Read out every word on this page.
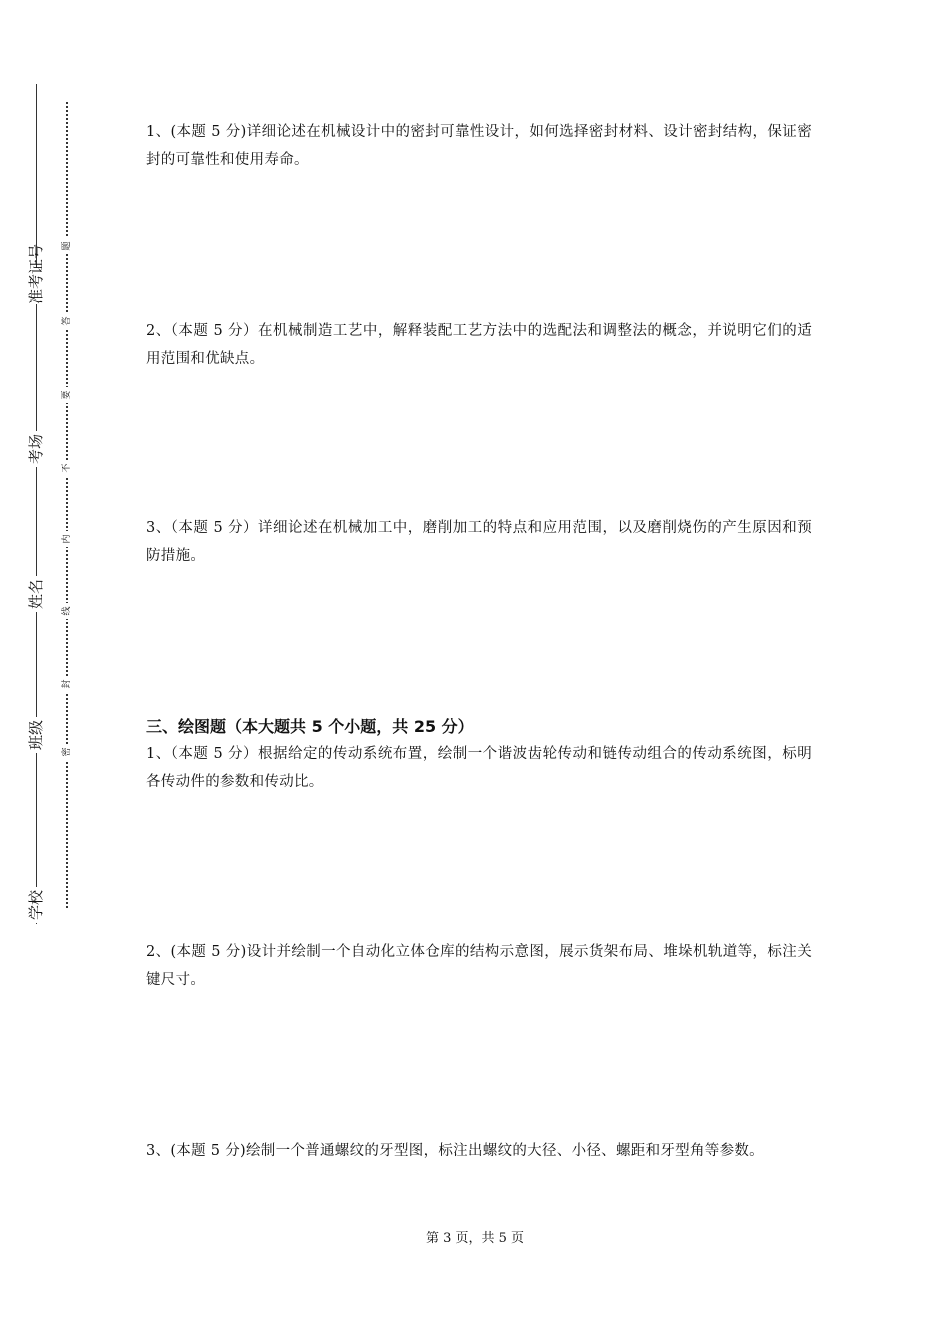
准考证号
考场
姓名
班级
学校
题
答
要
不
内
线
封
密

1、(本题 5 分)详细论述在机械设计中的密封可靠性设计，如何选择密封材料、设计密封结构，保证密封的可靠性和使用寿命。

2、（本题 5 分）在机械制造工艺中，解释装配工艺方法中的选配法和调整法的概念，并说明它们的适用范围和优缺点。

3、（本题 5 分）详细论述在机械加工中，磨削加工的特点和应用范围，以及磨削烧伤的产生原因和预防措施。

三、绘图题（本大题共 5 个小题，共 25 分）

1、（本题 5 分）根据给定的传动系统布置，绘制一个谐波齿轮传动和链传动组合的传动系统图，标明各传动件的参数和传动比。

2、(本题 5 分)设计并绘制一个自动化立体仓库的结构示意图，展示货架布局、堆垛机轨道等，标注关键尺寸。

3、(本题 5 分)绘制一个普通螺纹的牙型图，标注出螺纹的大径、小径、螺距和牙型角等参数。

第 3 页，共 5 页
